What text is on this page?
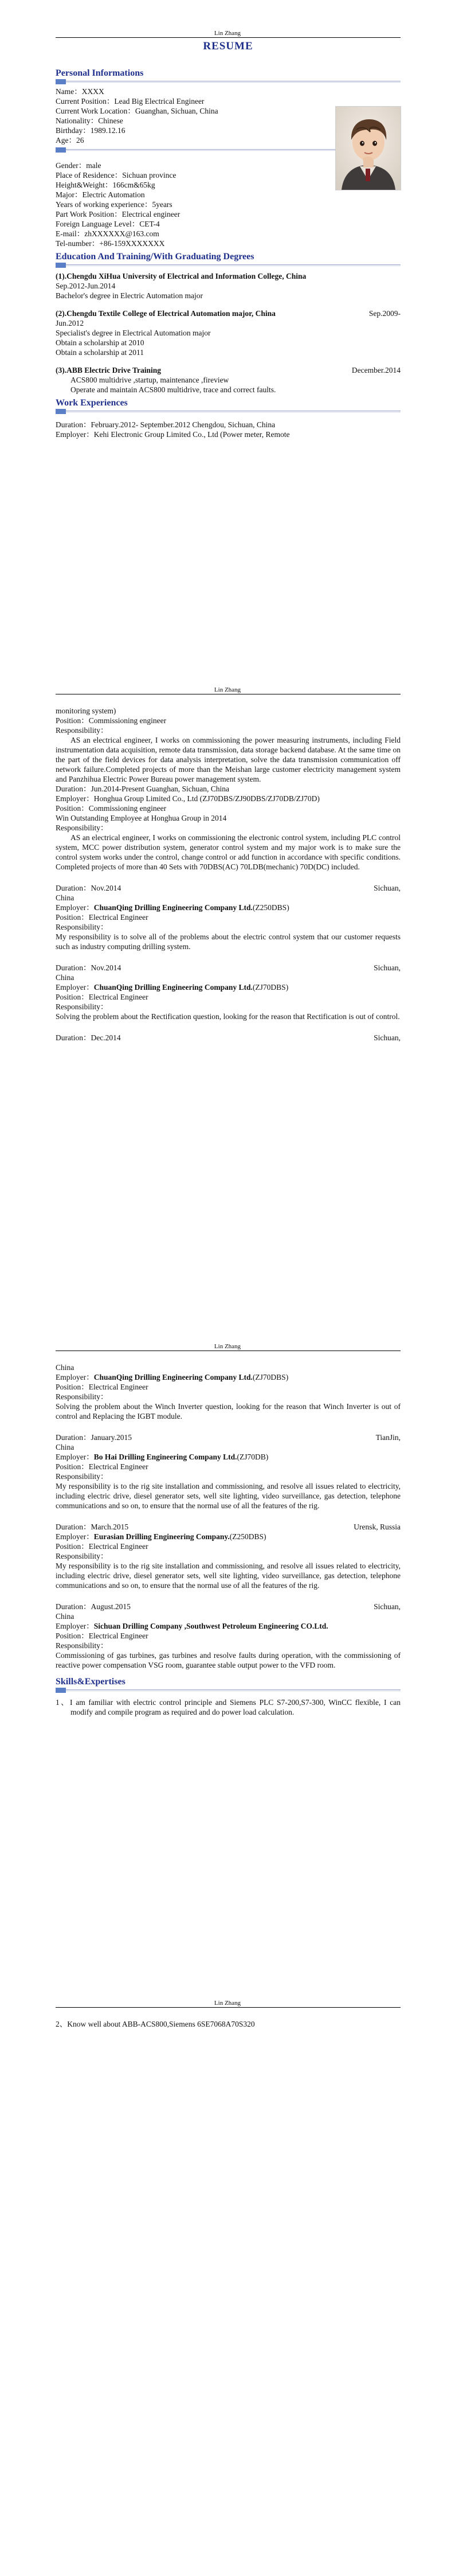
Lin Zhang
RESUME
Personal Informations
Name：XXXX
Current Position：Lead Big Electrical Engineer
Current Work Location：Guanghan, Sichuan, China
Nationality：Chinese
Birthday：1989.12.16
Age：26
Gender：male
Place of Residence：Sichuan province
Height&Weight：166cm&65kg
Major：Electric Automation
Years of working experience：5years
Part Work Position：Electrical engineer
Foreign Language Level：CET-4
E-mail：zhXXXXXX@163.com
Tel-number：+86-159XXXXXXX
Education And Training/With Graduating Degrees
(1).Chengdu XiHua University of Electrical and Information College, China
Sep.2012-Jun.2014
Bachelor's degree in Electric Automation major
(2).Chengdu Textile College of Electrical Automation major, China	Sep.2009-
Jun.2012
Specialist's degree in Electrical Automation major
Obtain a scholarship at 2010
Obtain a scholarship at 2011
(3).ABB Electric Drive Training	December.2014
ACS800 multidrive ,startup, maintenance ,fireview
Operate and maintain ACS800 multidrive, trace and correct faults.
Work Experiences
Duration：February.2012- September.2012 Chengdou, Sichuan, China
Employer：Kehi Electronic Group Limited Co., Ltd (Power meter, Remote
Lin Zhang
monitoring system)
Position：Commissioning engineer
Responsibility：
AS an electrical engineer, I works on commissioning the power measuring instruments, including Field instrumentation data acquisition, remote data transmission, data storage backend database. At the same time on the part of the field devices for data analysis interpretation, solve the data transmission communication off network failure.Completed projects of more than the Meishan large customer electricity management system and Panzhihua Electric Power Bureau power management system.
Duration：Jun.2014-Present Guanghan, Sichuan, China
Employer：Honghua Group Limited Co., Ltd (ZJ70DBS/ZJ90DBS/ZJ70DB/ZJ70D)
Position：Commissioning engineer
Win Outstanding Employee at Honghua Group in 2014
Responsibility：
AS an electrical engineer, I works on commissioning the electronic control system, including PLC control system, MCC power distribution system, generator control system and my major work is to make sure the control system works under the control, change control or add function in accordance with specific conditions. Completed projects of more than 40 Sets with 70DBS(AC) 70LDB(mechanic) 70D(DC) included.
Duration：Nov.2014	Sichuan,
China
Employer：ChuanQing Drilling Engineering Company Ltd.(Z250DBS)
Position：Electrical Engineer
Responsibility：
My responsibility is to solve all of the problems about the electric control system that our customer requests such as industry computing drilling system.
Duration：Nov.2014	Sichuan,
China
Employer：ChuanQing Drilling Engineering Company Ltd.(ZJ70DBS)
Position：Electrical Engineer
Responsibility：
Solving the problem about the Rectification question, looking for the reason that Rectification is out of control.
Duration：Dec.2014	Sichuan,
Lin Zhang
China
Employer：ChuanQing Drilling Engineering Company Ltd.(ZJ70DBS)
Position：Electrical Engineer
Responsibility：
Solving the problem about the Winch Inverter question, looking for the reason that Winch Inverter is out of control and Replacing the IGBT module.
Duration：January.2015	TianJin,
China
Employer：Bo Hai Drilling Engineering Company Ltd.(ZJ70DB)
Position：Electrical Engineer
Responsibility：
My responsibility is to the rig site installation and commissioning, and resolve all issues related to electricity, including electric drive, diesel generator sets, well site lighting, video surveillance, gas detection, telephone communications and so on, to ensure that the normal use of all the features of the rig.
Duration：March.2015	Urensk, Russia
Employer：Eurasian Drilling Engineering Company.(Z250DBS)
Position：Electrical Engineer
Responsibility：
My responsibility is to the rig site installation and commissioning, and resolve all issues related to electricity, including electric drive, diesel generator sets, well site lighting, video surveillance, gas detection, telephone communications and so on, to ensure that the normal use of all the features of the rig.
Duration：August.2015	Sichuan,
China
Employer：Sichuan Drilling Company ,Southwest Petroleum Engineering CO.Ltd.
Position：Electrical Engineer
Responsibility：
Commissioning of gas turbines, gas turbines and resolve faults during operation, with the commissioning of reactive power compensation VSG room, guarantee stable output power to the VFD room.
Skills&Expertises
1、I am familiar with electric control principle and Siemens PLC S7-200,S7-300, WinCC flexible, I can modify and compile program as required and do power load calculation.
Lin Zhang
2、Know well about ABB-ACS800,Siemens 6SE7068A70S320
